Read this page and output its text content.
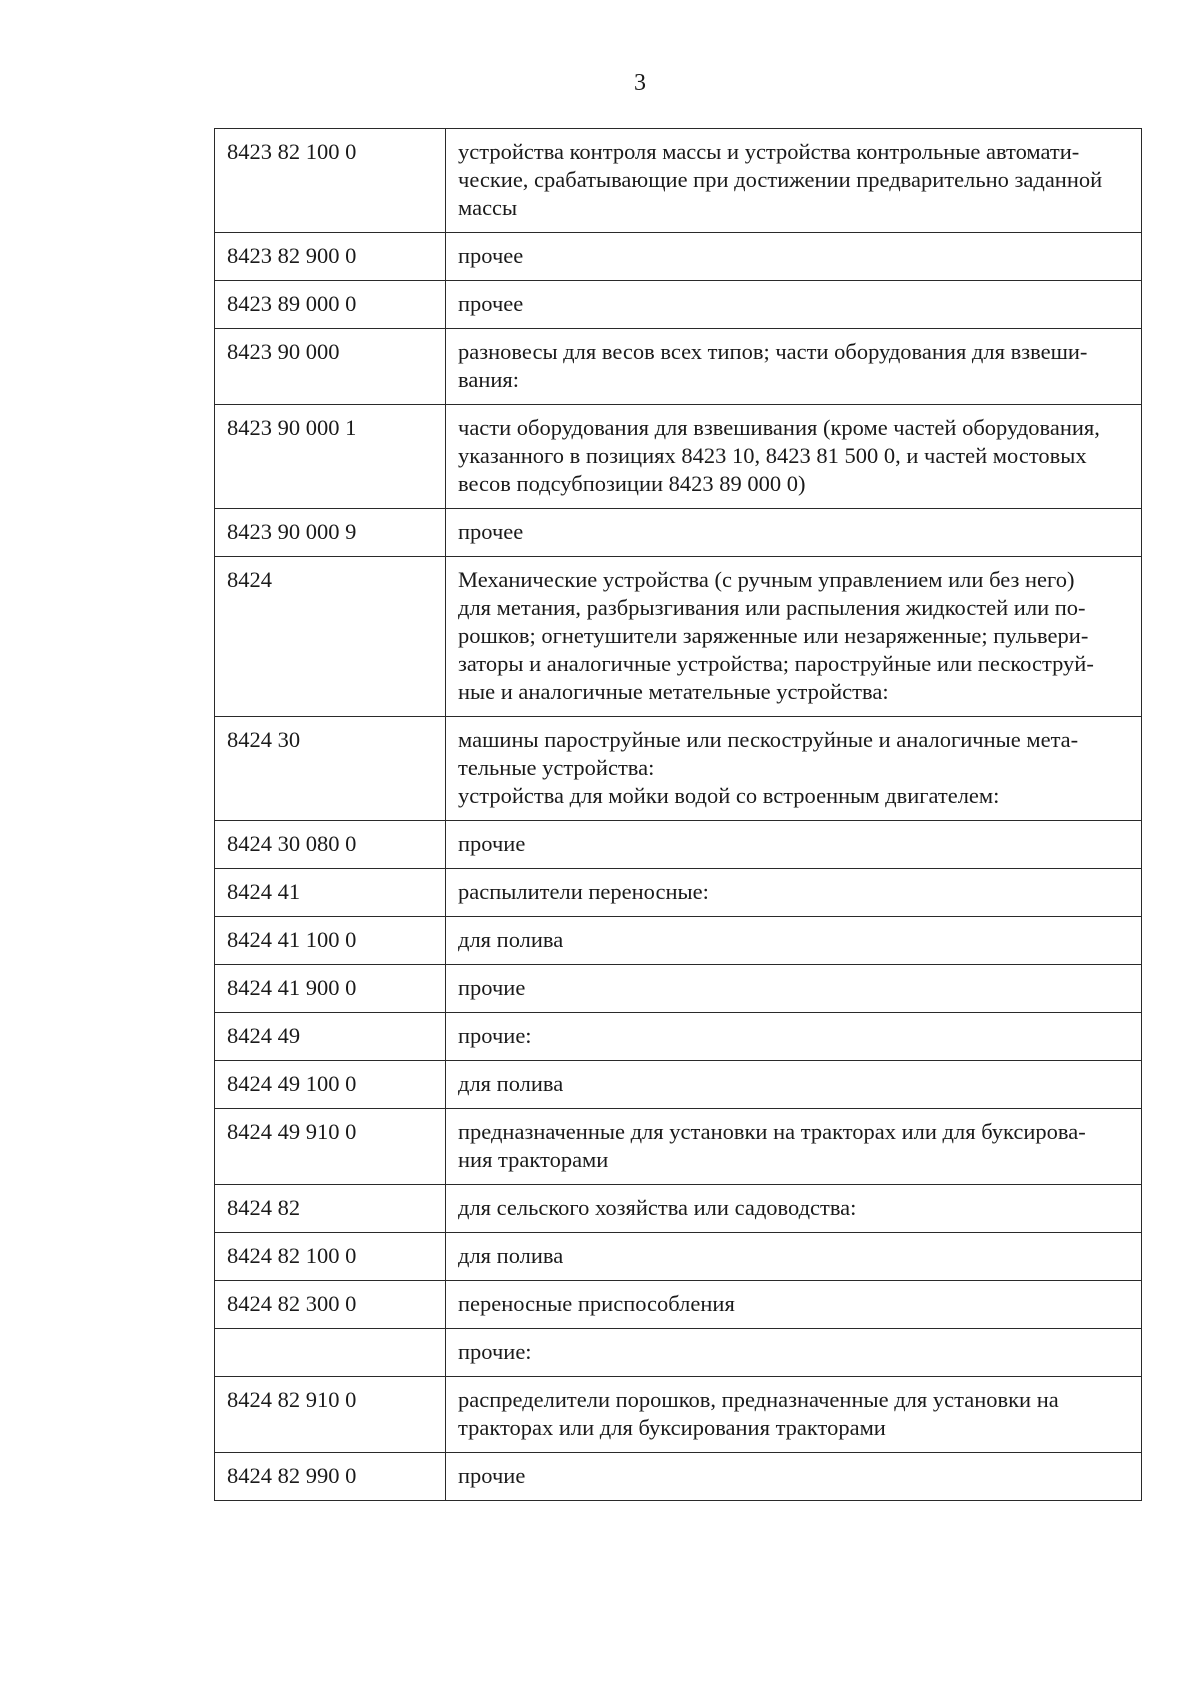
3
8423 82 100 0	устройства контроля массы и устройства контрольные автомати-
ческие, срабатывающие при достижении предварительно заданной
массы

8423 82 900 0	прочее

8423 89 000 0	прочее

8423 90 000	разновесы для весов всех типов; части оборудования для взвеши-
вания:

8423 90 000 1	части оборудования для взвешивания (кроме частей оборудования,
указанного в позициях 8423 10, 8423 81 500 0, и частей мостовых
весов подсубпозиции 8423 89 000 0)

8423 90 000 9	прочее

8424	Механические устройства (с ручным управлением или без него)
для метания, разбрызгивания или распыления жидкостей или по-
рошков; огнетушители заряженные или незаряженные; пульвери-
заторы и аналогичные устройства; пароструйные или пескоструй-
ные и аналогичные метательные устройства:

8424 30	машины пароструйные или пескоструйные и аналогичные мета-
тельные устройства:
устройства для мойки водой со встроенным двигателем:

8424 30 080 0	прочие

8424 41	распылители переносные:

8424 41 100 0	для полива

8424 41 900 0	прочие

8424 49	прочие:

8424 49 100 0	для полива

8424 49 910 0	предназначенные для установки на тракторах или для буксирова-
ния тракторами

8424 82	для сельского хозяйства или садоводства:

8424 82 100 0	для полива

8424 82 300 0	переносные приспособления

	прочие:

8424 82 910 0	распределители порошков, предназначенные для установки на
тракторах или для буксирования тракторами

8424 82 990 0	прочие
